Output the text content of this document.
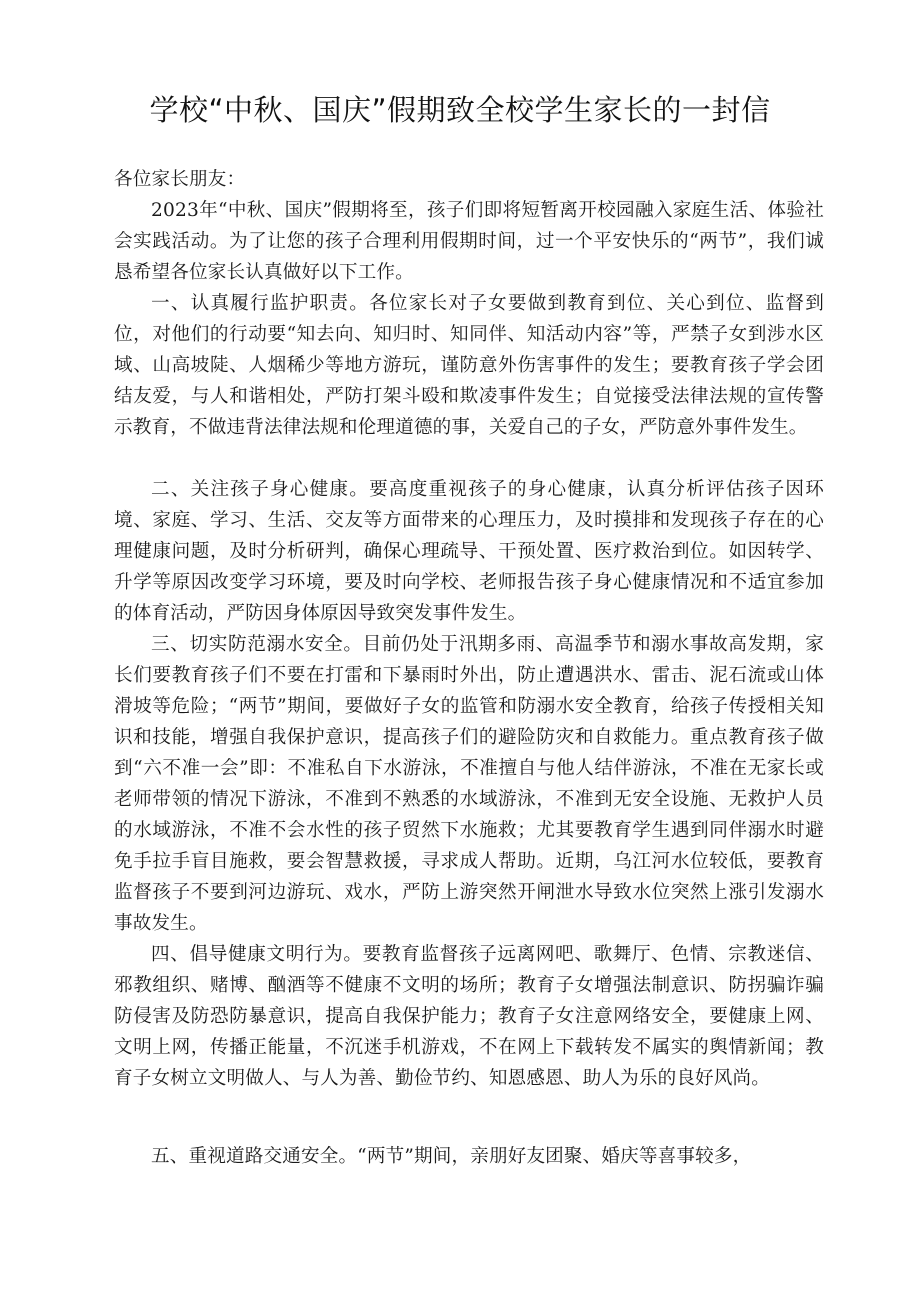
学校“中秋、国庆”假期致全校学生家长的一封信
各位家长朋友：
2023年“中秋、国庆”假期将至，孩子们即将短暂离开校园融入家庭生活、体验社会实践活动。为了让您的孩子合理利用假期时间，过一个平安快乐的“两节”，我们诚恳希望各位家长认真做好以下工作。
一、认真履行监护职责。各位家长对子女要做到教育到位、关心到位、监督到位，对他们的行动要“知去向、知归时、知同伴、知活动内容”等，严禁子女到涉水区域、山高坡陡、人烟稀少等地方游玩，谨防意外伤害事件的发生；要教育孩子学会团结友爱，与人和谐相处，严防打架斗殴和欺凌事件发生；自觉接受法律法规的宣传警示教育，不做违背法律法规和伦理道德的事，关爱自己的子女，严防意外事件发生。
二、关注孩子身心健康。要高度重视孩子的身心健康，认真分析评估孩子因环境、家庭、学习、生活、交友等方面带来的心理压力，及时摸排和发现孩子存在的心理健康问题，及时分析研判，确保心理疏导、干预处置、医疗救治到位。如因转学、升学等原因改变学习环境，要及时向学校、老师报告孩子身心健康情况和不适宜参加的体育活动，严防因身体原因导致突发事件发生。
三、切实防范溺水安全。目前仍处于汛期多雨、高温季节和溺水事故高发期，家长们要教育孩子们不要在打雷和下暴雨时外出，防止遭遇洪水、雷击、泥石流或山体滑坡等危险；“两节”期间，要做好子女的监管和防溺水安全教育，给孩子传授相关知识和技能，增强自我保护意识，提高孩子们的避险防灾和自救能力。重点教育孩子做到“六不准一会”即：不准私自下水游泳，不准擅自与他人结伴游泳，不准在无家长或老师带领的情况下游泳，不准到不熟悉的水域游泳，不准到无安全设施、无救护人员的水域游泳，不准不会水性的孩子贸然下水施救；尤其要教育学生遇到同伴溺水时避免手拉手盲目施救，要会智慧救援，寻求成人帮助。近期，乌江河水位较低，要教育监督孩子不要到河边游玩、戏水，严防上游突然开闸泄水导致水位突然上涨引发溺水事故发生。
四、倡导健康文明行为。要教育监督孩子远离网吧、歌舞厅、色情、宗教迷信、邪教组织、赌博、酗酒等不健康不文明的场所；教育子女增强法制意识、防拐骗诈骗防侵害及防恐防暴意识，提高自我保护能力；教育子女注意网络安全，要健康上网、文明上网，传播正能量，不沉迷手机游戏，不在网上下载转发不属实的舆情新闻；教育子女树立文明做人、与人为善、勤俭节约、知恩感恩、助人为乐的良好风尚。
五、重视道路交通安全。“两节”期间，亲朋好友团聚、婚庆等喜事较多，
